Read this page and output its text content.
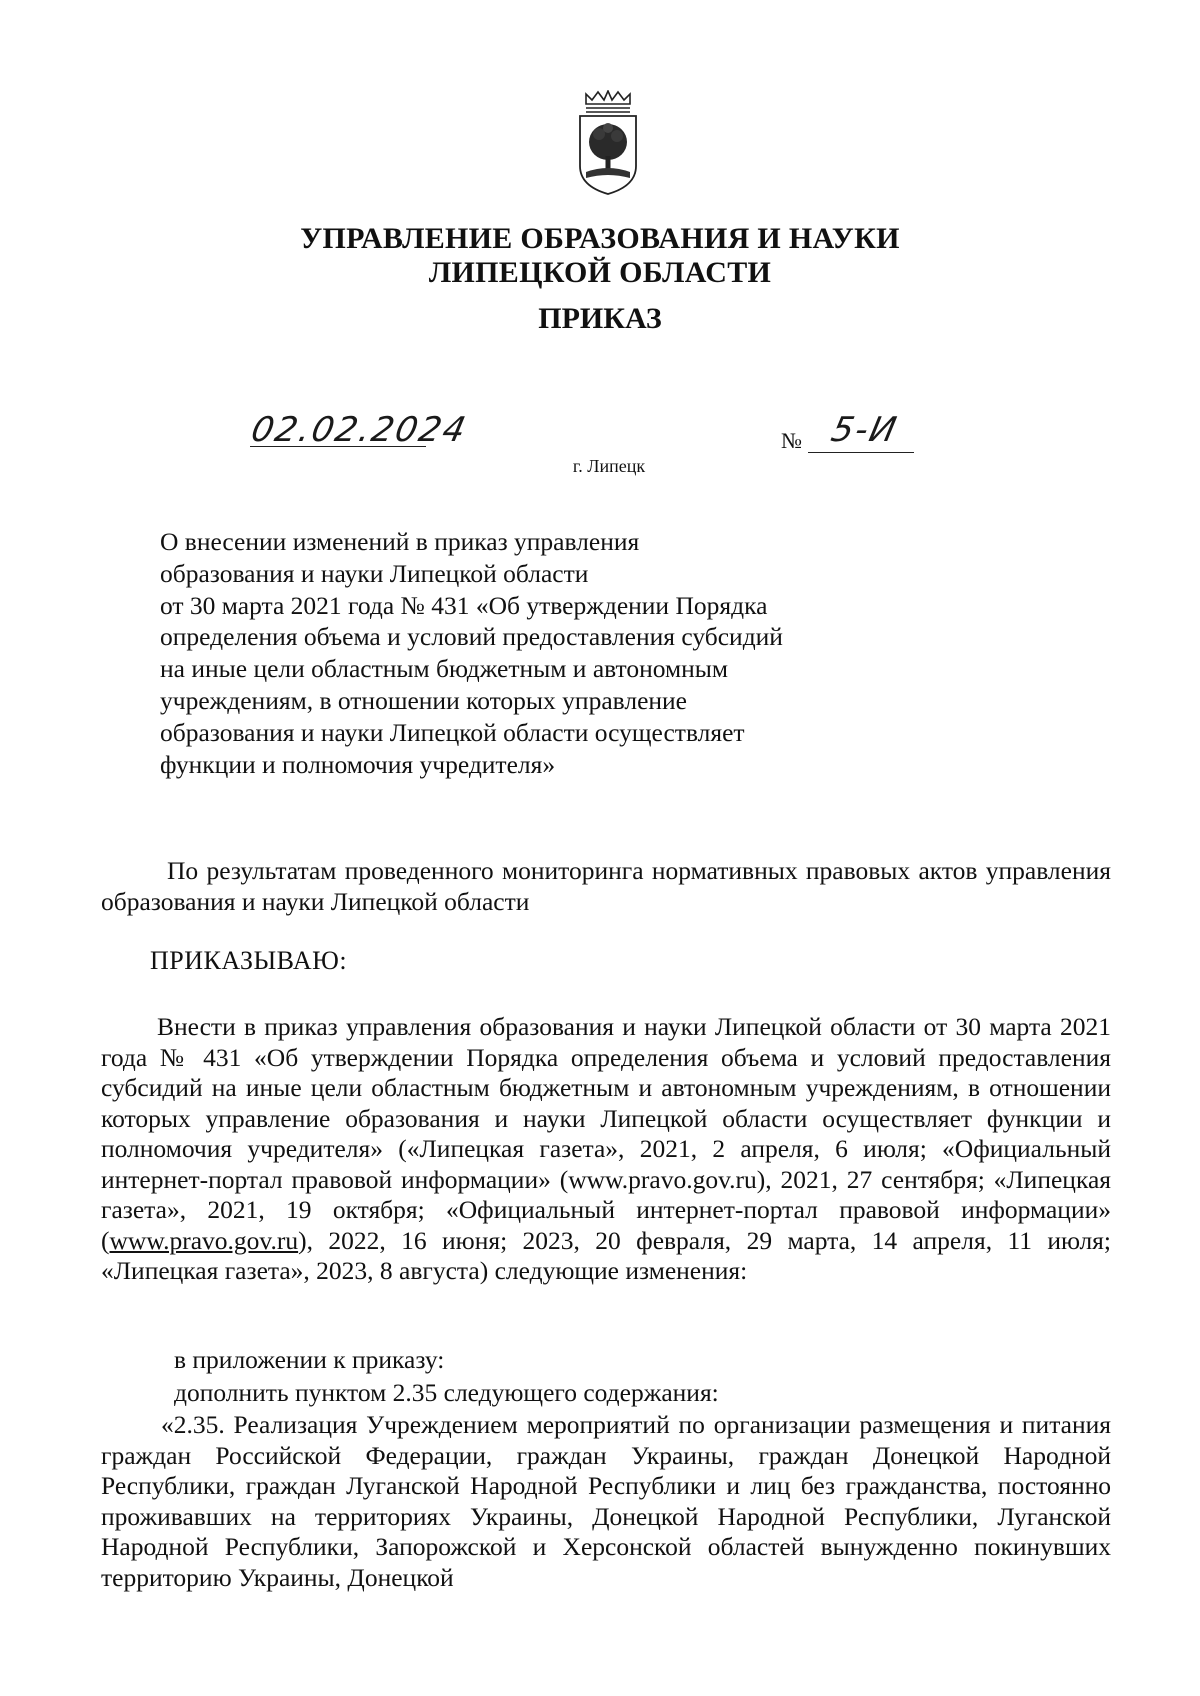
УПРАВЛЕНИЕ ОБРАЗОВАНИЯ И НАУКИ
ЛИПЕЦКОЙ ОБЛАСТИ
ПРИКАЗ
02.02.2024	№ 5-И
г. Липецк
О внесении изменений в приказ управления
образования и науки Липецкой области
от 30 марта 2021 года № 431 «Об утверждении Порядка
определения объема и условий предоставления субсидий
на иные цели областным бюджетным и автономным
учреждениям, в отношении которых управление
образования и науки Липецкой области осуществляет
функции и полномочия учредителя»
По результатам проведенного мониторинга нормативных правовых актов управления образования и науки Липецкой области
ПРИКАЗЫВАЮ:
Внести в приказ управления образования и науки Липецкой области от 30 марта 2021 года № 431 «Об утверждении Порядка определения объема и условий предоставления субсидий на иные цели областным бюджетным и автономным учреждениям, в отношении которых управление образования и науки Липецкой области осуществляет функции и полномочия учредителя» («Липецкая газета», 2021, 2 апреля, 6 июля; «Официальный интернет-портал правовой информации» (www.pravo.gov.ru), 2021, 27 сентября; «Липецкая газета», 2021, 19 октября; «Официальный интернет-портал правовой информации» (www.pravo.gov.ru), 2022, 16 июня; 2023, 20 февраля, 29 марта, 14 апреля, 11 июля; «Липецкая газета», 2023, 8 августа) следующие изменения:
в приложении к приказу:
дополнить пунктом 2.35 следующего содержания:
«2.35. Реализация Учреждением мероприятий по организации размещения и питания граждан Российской Федерации, граждан Украины, граждан Донецкой Народной Республики, граждан Луганской Народной Республики и лиц без гражданства, постоянно проживавших на территориях Украины, Донецкой Народной Республики, Луганской Народной Республики, Запорожской и Херсонской областей вынужденно покинувших территорию Украины, Донецкой
